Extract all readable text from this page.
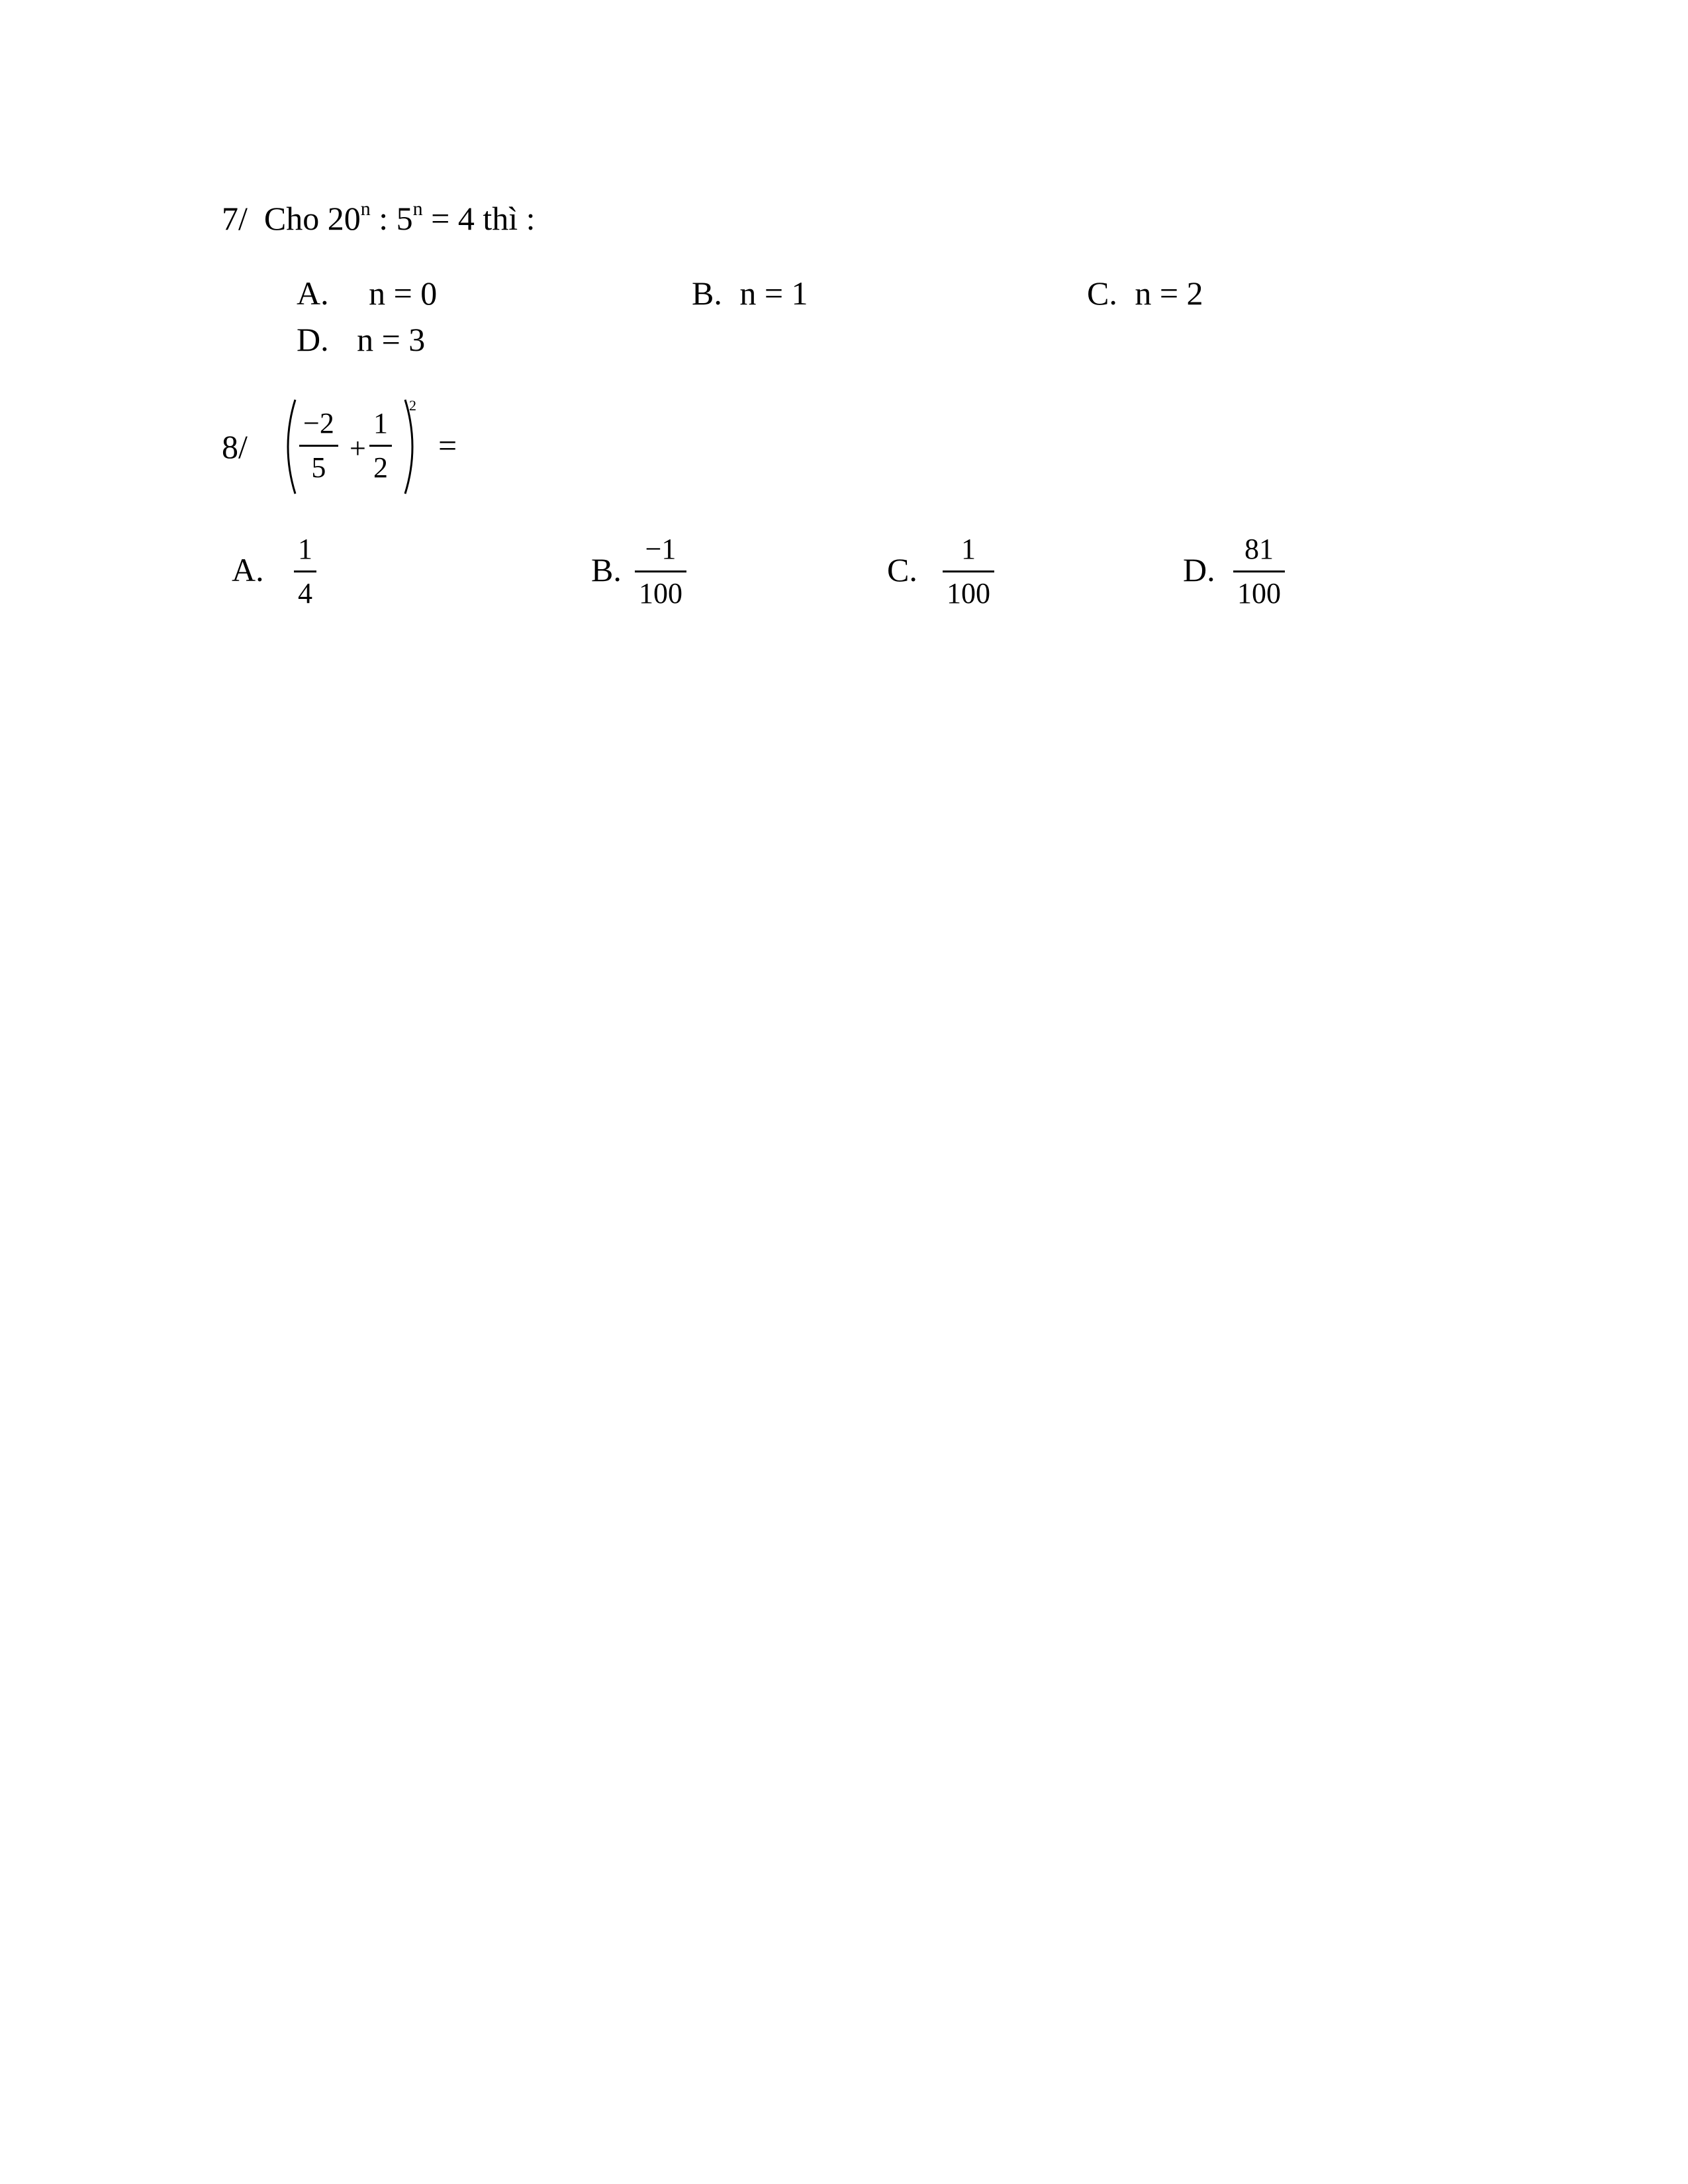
7/ Cho 20$^n$ : $5^n = 4$ thì :
A. n = 0	B. n = 1	C. n = 2
D. n = 3
8/
−2
5
+
1
2
2
=
A.
1
4
B.
−1
100
C.
1
100
D.
81
100
